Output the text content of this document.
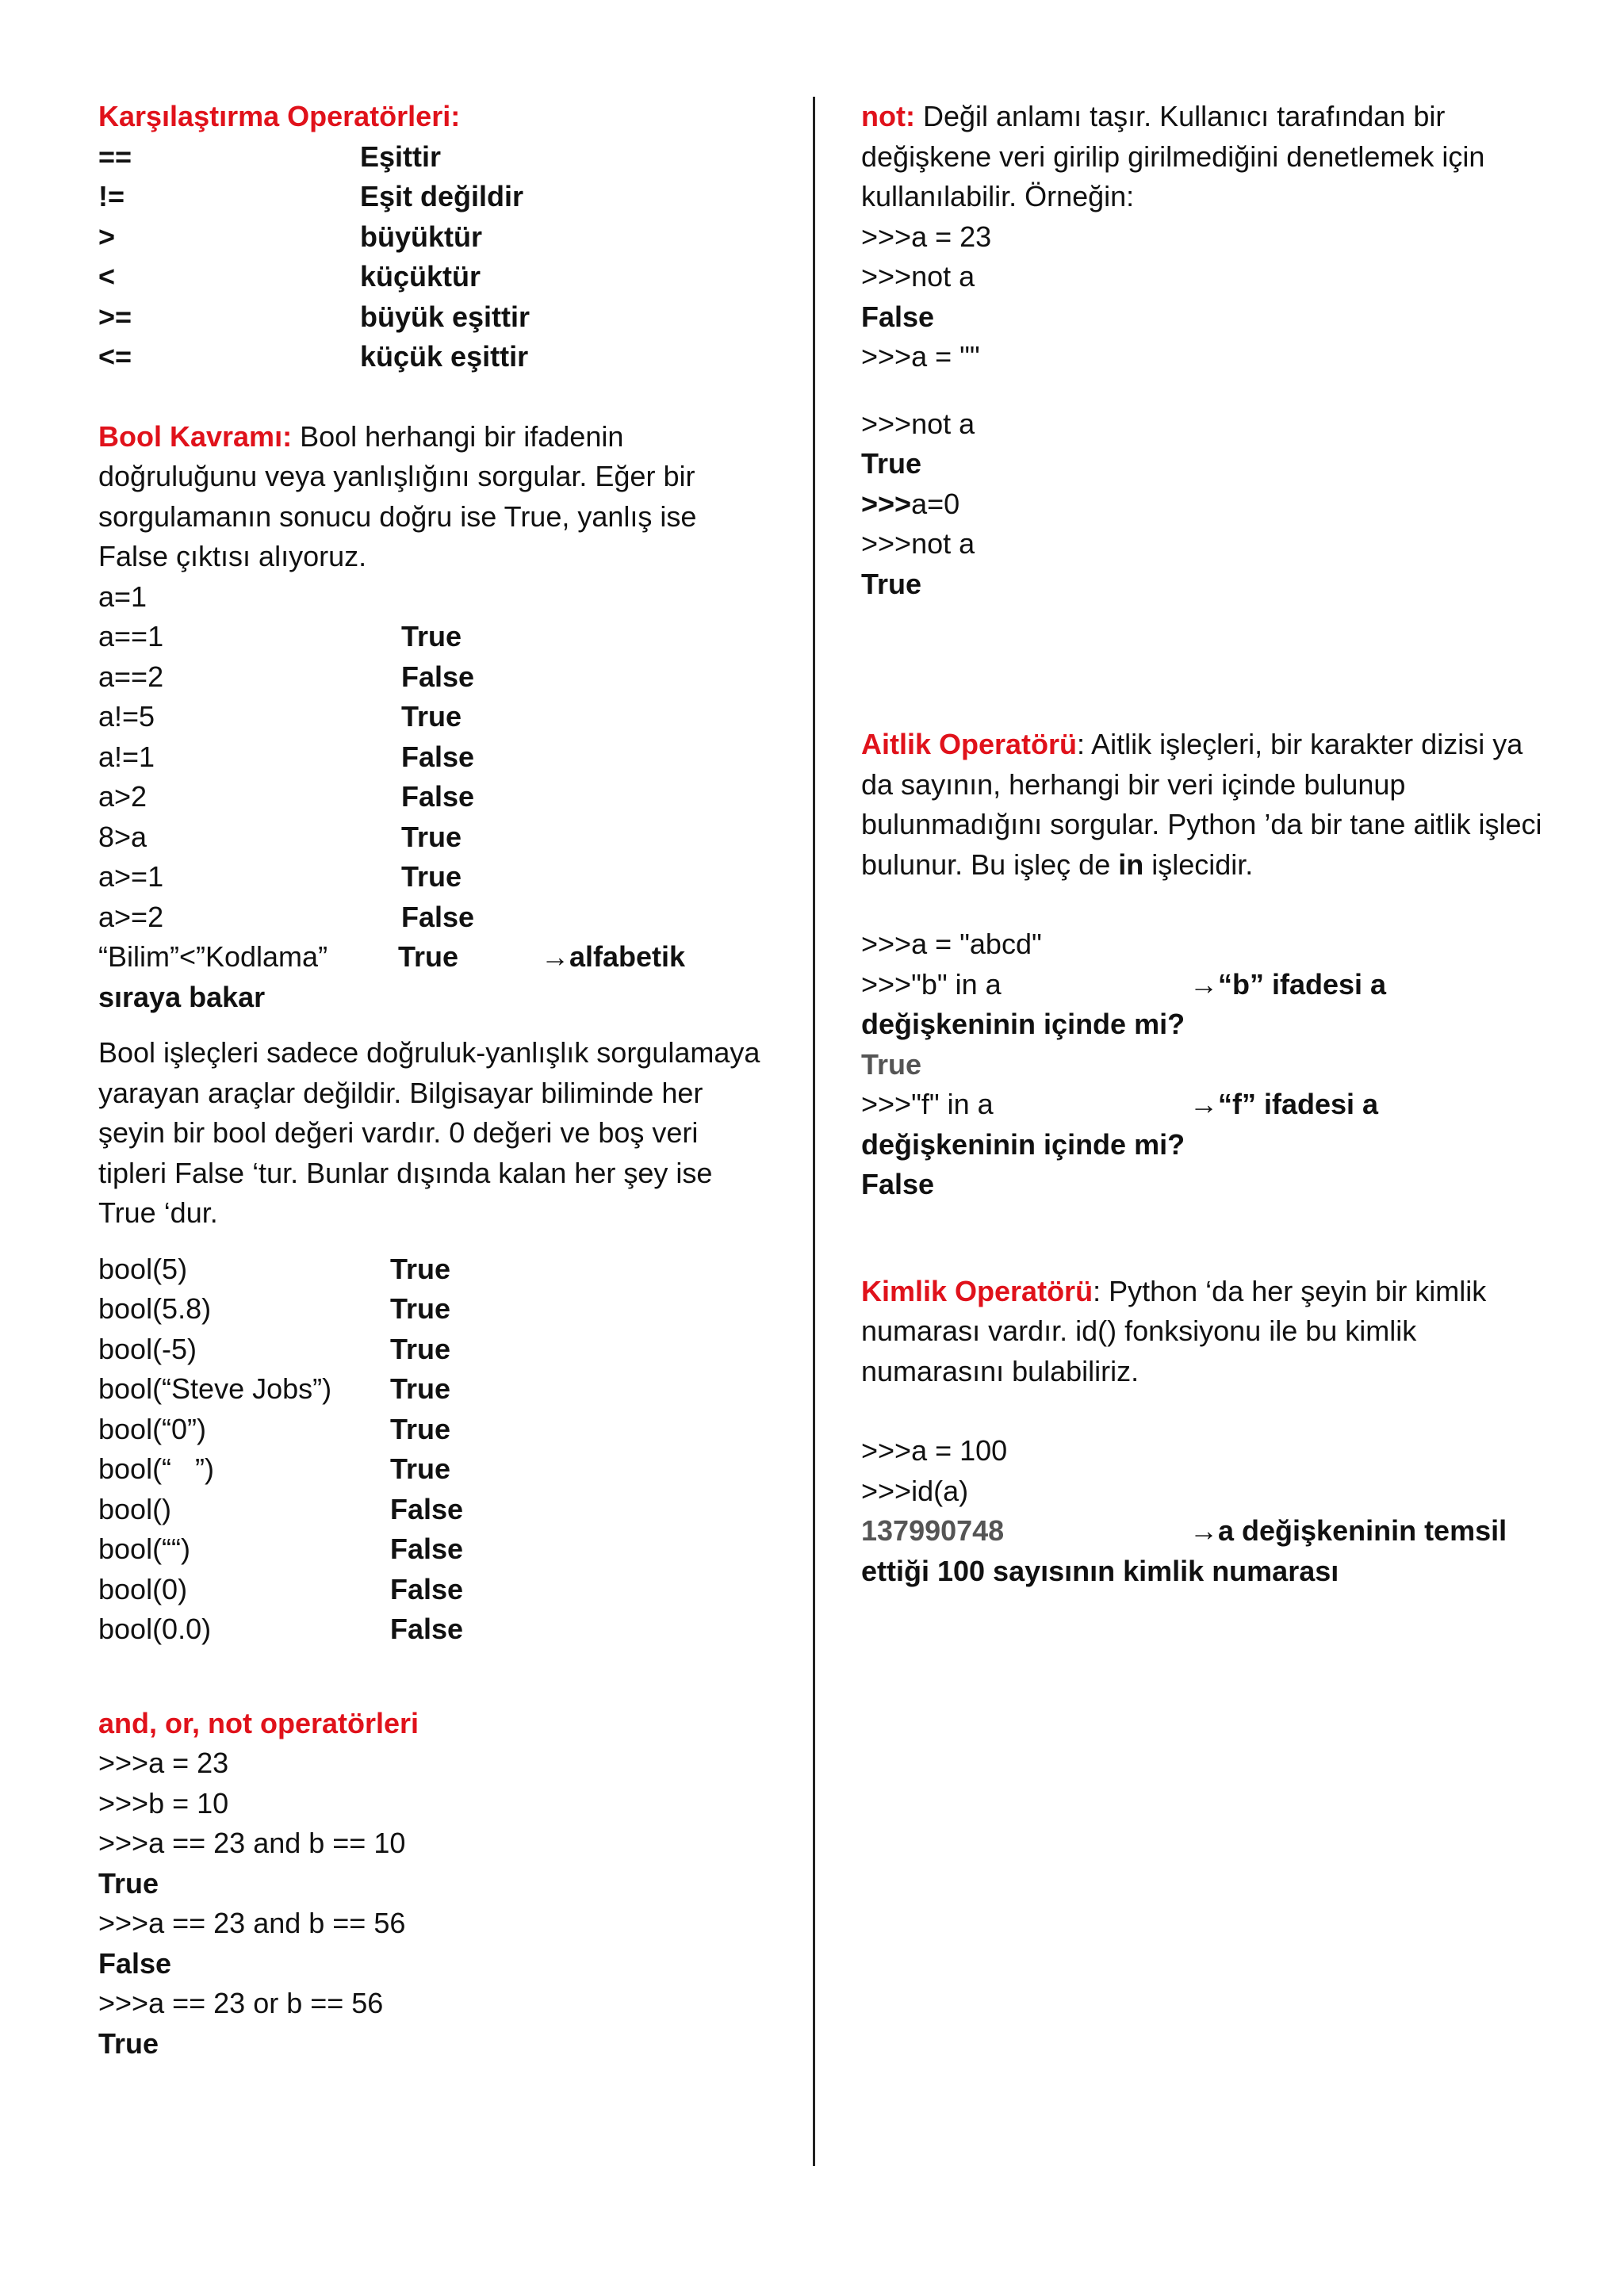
Karşılaştırma Operatörleri:
==	Eşittir
!=	Eşit değildir
>	büyüktür
<	küçüktür
>=	büyük eşittir
<=	küçük eşittir
Bool Kavramı: Bool herhangi bir ifadenin doğruluğunu veya yanlışlığını sorgular. Eğer bir sorgulamanın sonucu doğru ise True, yanlış ise False çıktısı alıyoruz.
a=1
a==1	True
a==2	False
a!=5	True
a!=1	False
a>2	False
8>a	True
a>=1	True
a>=2	False
“Bilim”<”Kodlama” True	→alfabetik
sıraya bakar
Bool işleçleri sadece doğruluk-yanlışlık sorgulamaya yarayan araçlar değildir. Bilgisayar biliminde her şeyin bir bool değeri vardır. 0 değeri ve boş veri tipleri False ‘tur. Bunlar dışında kalan her şey ise True ‘dur.
bool(5)	True
bool(5.8)	True
bool(-5)	True
bool(“Steve Jobs”) True
bool(“0”)	True
bool(“   ”)	True
bool()	False
bool(““)	False
bool(0)	False
bool(0.0)	False
and, or, not operatörleri
>>>a = 23
>>>b = 10
>>>a == 23 and b == 10
True
>>>a == 23 and b == 56
False
>>>a == 23 or b == 56
True
not: Değil anlamı taşır. Kullanıcı tarafından bir değişkene veri girilip girilmediğini denetlemek için kullanılabilir. Örneğin:
>>>a = 23
>>>not a
False
>>>a = ""
>>>not a
True
>>>a=0
>>>not a
True
Aitlik Operatörü: Aitlik işleçleri, bir karakter dizisi ya da sayının, herhangi bir veri içinde bulunup bulunmadığını sorgular. Python ’da bir tane aitlik işleci bulunur. Bu işleç de in işlecidir.
>>>a = "abcd"
>>>"b" in a	→“b” ifadesi a
değişkeninin içinde mi?
True
>>>"f" in a	→“f” ifadesi a
değişkeninin içinde mi?
False
Kimlik Operatörü: Python ‘da her şeyin bir kimlik numarası vardır. id() fonksiyonu ile bu kimlik numarasını bulabiliriz.
>>>a = 100
>>>id(a)
137990748	→a değişkeninin temsil
ettiği 100 sayısının kimlik numarası
